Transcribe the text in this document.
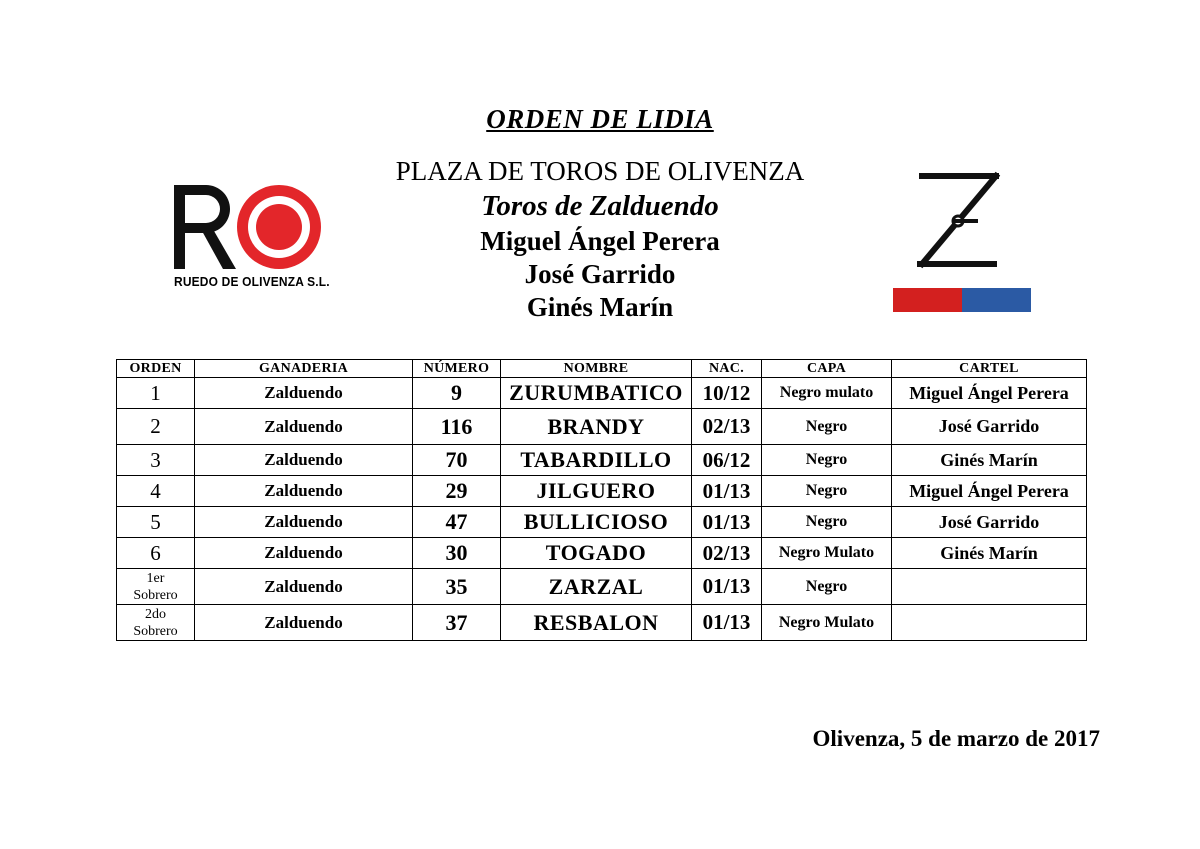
ORDEN DE LIDIA
PLAZA DE TOROS DE OLIVENZA
Toros de Zalduendo
Miguel Ángel Perera
José Garrido
Ginés Marín
RUEDO DE OLIVENZA S.L.
ORDEN	GANADERIA	NÚMERO	NOMBRE	NAC.	CAPA	CARTEL
1	Zalduendo	9	ZURUMBATICO	10/12	Negro mulato	Miguel Ángel Perera
2	Zalduendo	116	BRANDY	02/13	Negro	José Garrido
3	Zalduendo	70	TABARDILLO	06/12	Negro	Ginés Marín
4	Zalduendo	29	JILGUERO	01/13	Negro	Miguel Ángel Perera
5	Zalduendo	47	BULLICIOSO	01/13	Negro	José Garrido
6	Zalduendo	30	TOGADO	02/13	Negro Mulato	Ginés Marín
1er
Sobrero	Zalduendo	35	ZARZAL	01/13	Negro	
2do
Sobrero	Zalduendo	37	RESBALON	01/13	Negro Mulato	
Olivenza, 5 de marzo de 2017
